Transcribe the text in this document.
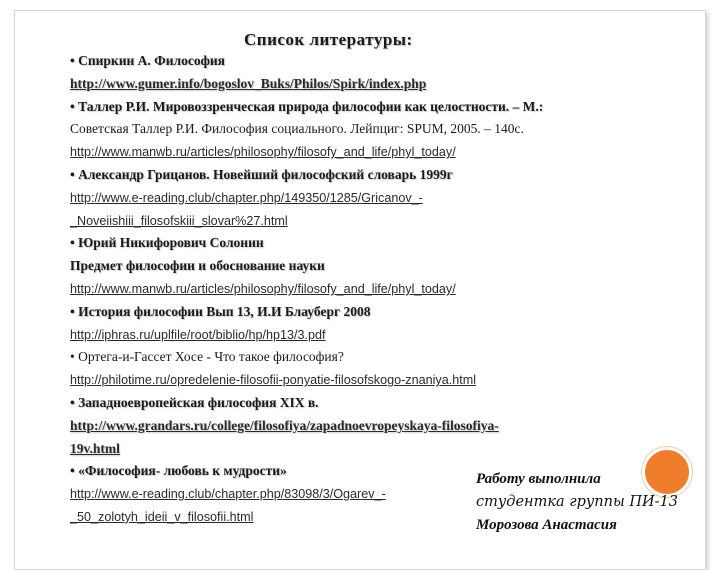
Список литературы:
• Спиркин А. Философия
http://www.gumer.info/bogoslov_Buks/Philos/Spirk/index.php
• Таллер Р.И. Мировоззренческая природа философии как целостности. – М.:
Советская Таллер Р.И. Философия социального. Лейпциг: SPUM, 2005. – 140с.
http://www.manwb.ru/articles/philosophy/filosofy_and_life/phyl_today/
• Александр Грицанов. Новейший философский словарь 1999г
http://www.e-reading.club/chapter.php/149350/1285/Gricanov_-
_Noveiishiii_filosofskiii_slovar%27.html
• Юрий Никифорович Солонин
Предмет философии и обоснование науки
http://www.manwb.ru/articles/philosophy/filosofy_and_life/phyl_today/
• История философии Вып 13, И.И Блауберг 2008
http://iphras.ru/uplfile/root/biblio/hp/hp13/3.pdf
• Ортега-и-Гассет Хосе - Что такое философия?
http://philotime.ru/opredelenie-filosofii-ponyatie-filosofskogo-znaniya.html
• Западноевропейская философия XIX в.
http://www.grandars.ru/college/filosofiya/zapadnoevropeyskaya-filosofiya-
19v.html
• «Философия- любовь к мудрости»
http://www.e-reading.club/chapter.php/83098/3/Ogarev_-
_50_zolotyh_ideii_v_filosofii.html
Работу выполнила
студентка группы ПИ-13
Морозова Анастасия
